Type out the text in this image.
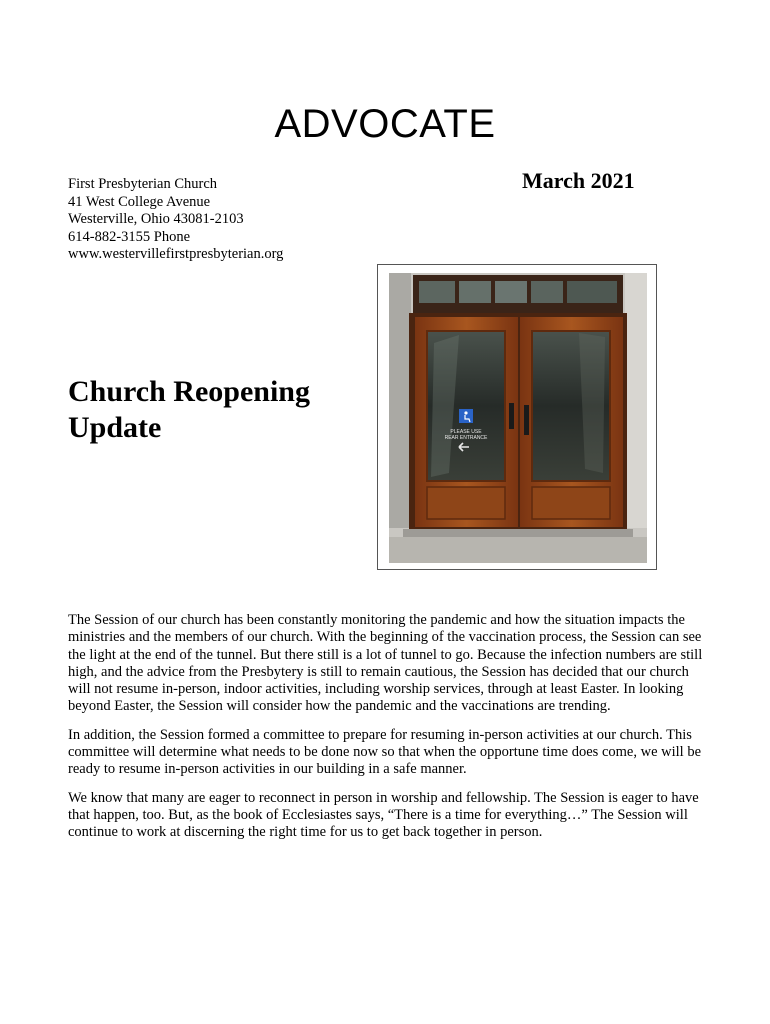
ADVOCATE
First Presbyterian Church
41 West College Avenue
Westerville, Ohio 43081-2103
614-882-3155 Phone
www.westervillefirstpresbyterian.org
March 2021
Church Reopening
Update	PLEASE USE
REAR ENTRANCE

The Session of our church has been constantly monitoring the pandemic and how the situation impacts the ministries and the members of our church. With the beginning of the vaccination process, the Session can see the light at the end of the tunnel. But there still is a lot of tunnel to go. Because the infection numbers are still high, and the advice from the Presbytery is still to remain cautious, the Session has decided that our church will not resume in-person, indoor activities, including worship services, through at least Easter. In looking beyond Easter, the Session will consider how the pandemic and the vaccinations are trending.

In addition, the Session formed a committee to prepare for resuming in-person activities at our church. This committee will determine what needs to be done now so that when the opportune time does come, we will be ready to resume in-person activities in our building in a safe manner.

We know that many are eager to reconnect in person in worship and fellowship. The Session is eager to have that happen, too. But, as the book of Ecclesiastes says, “There is a time for everything…” The Session will continue to work at discerning the right time for us to get back together in person.
